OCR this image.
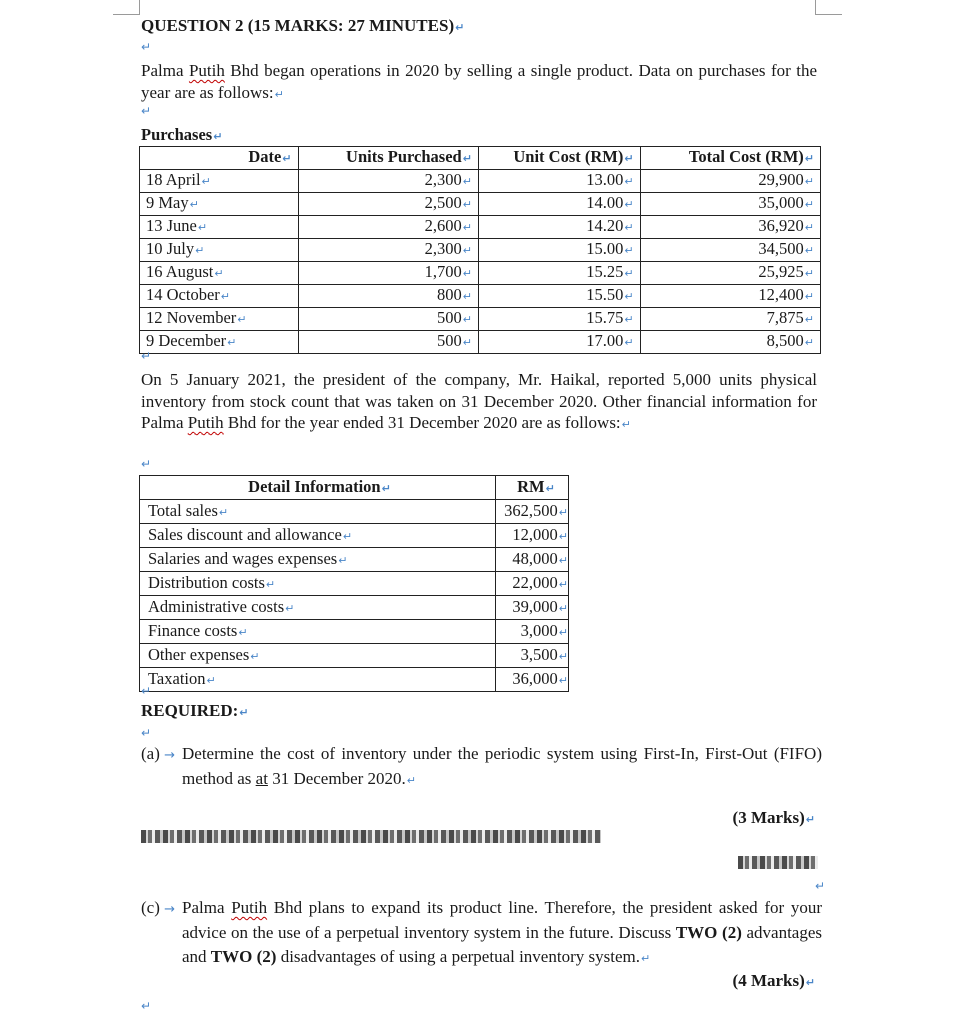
QUESTION 2 (15 MARKS: 27 MINUTES)↵
↵
Palma Putih Bhd began operations in 2020 by selling a single product. Data on purchases for the year are as follows:↵
↵
Purchases↵
Date↵	Units Purchased↵	Unit Cost (RM)↵	Total Cost (RM)↵
18 April↵	2,300↵	13.00↵	29,900↵
9 May↵	2,500↵	14.00↵	35,000↵
13 June↵	2,600↵	14.20↵	36,920↵
10 July↵	2,300↵	15.00↵	34,500↵
16 August↵	1,700↵	15.25↵	25,925↵
14 October↵	800↵	15.50↵	12,400↵
12 November↵	500↵	15.75↵	7,875↵
9 December↵	500↵	17.00↵	8,500↵
↵
On 5 January 2021, the president of the company, Mr. Haikal, reported 5,000 units physical inventory from stock count that was taken on 31 December 2020. Other financial information for Palma Putih Bhd for the year ended 31 December 2020 are as follows:↵
↵
Detail Information↵	RM↵
Total sales↵	362,500↵
Sales discount and allowance↵	12,000↵
Salaries and wages expenses↵	48,000↵
Distribution costs↵	22,000↵
Administrative costs↵	39,000↵
Finance costs↵	3,000↵
Other expenses↵	3,500↵
Taxation↵	36,000↵
↵
REQUIRED:↵
↵
(a) → Determine the cost of inventory under the periodic system using First-In, First-Out (FIFO) method as at 31 December 2020.↵
(3 Marks)↵
↵
(c) → Palma Putih Bhd plans to expand its product line. Therefore, the president asked for your advice on the use of a perpetual inventory system in the future. Discuss TWO (2) advantages and TWO (2) disadvantages of using a perpetual inventory system.↵
(4 Marks)↵
↵
